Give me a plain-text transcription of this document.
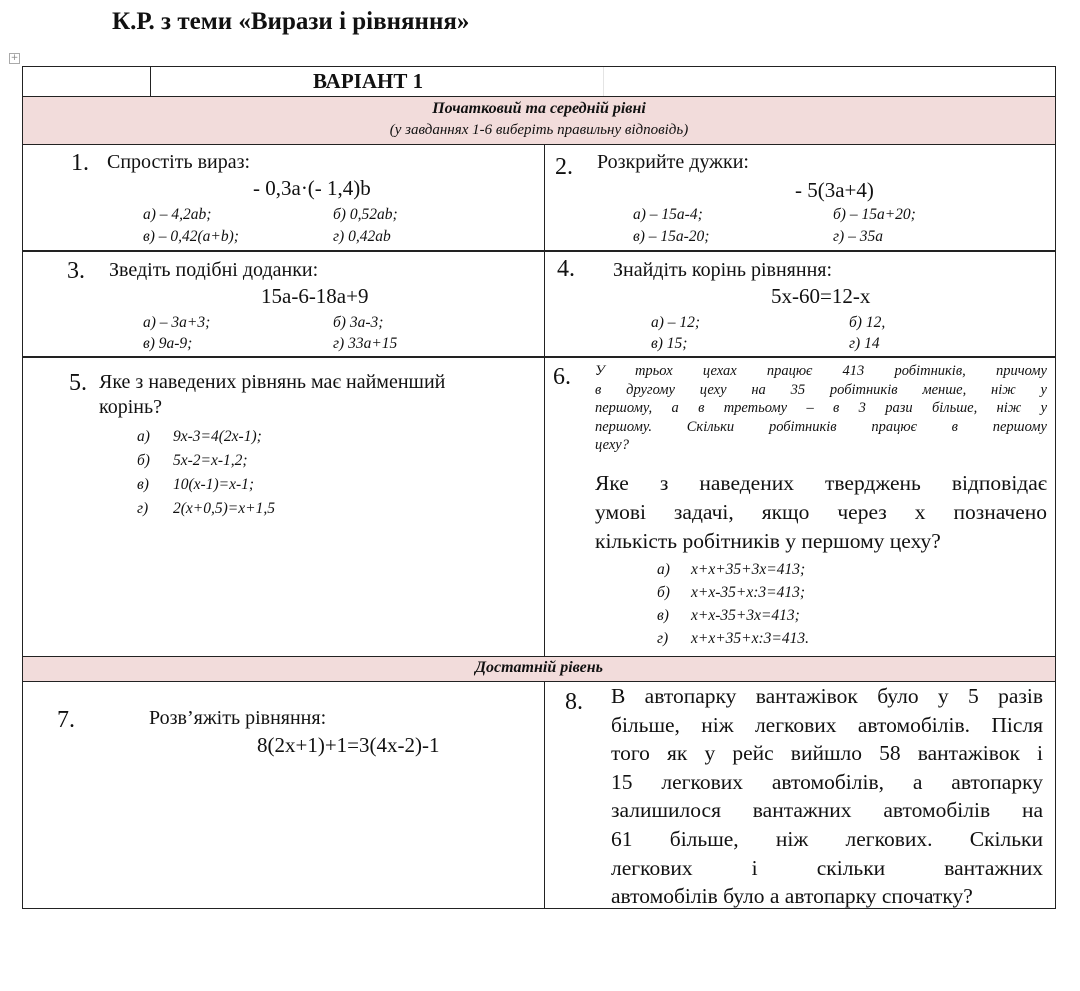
К.Р. з теми «Вирази і рівняння»
+
ВАРІАНТ 1
Початковий та середній рівні
(у завданнях 1-6 виберіть правильну відповідь)
1. Спростіть вираз:
- 0,3а·(- 1,4)b
а) – 4,2аb;	б) 0,52аb;
в) – 0,42(а+b);	г) 0,42аb
2. Розкрийте дужки:
- 5(3а+4)
а) – 15а-4;	б) – 15а+20;
в) – 15а-20;	г) – 35а
3. Зведіть подібні доданки:
15а-6-18а+9
а) – 3а+3;	б) 3а-3;
в) 9а-9;	г) 33а+15
4. Знайдіть корінь рівняння:
5х-60=12-х
а) – 12;	б) 12,
в) 15;	г) 14
5. Яке з наведених рівнянь має найменший
корінь?
а) 9х-3=4(2х-1);
б) 5х-2=х-1,2;
в) 10(х-1)=х-1;
г) 2(х+0,5)=х+1,5
6. У трьох цехах працює 413 робітників, причому
в другому цеху на 35 робітників менше, ніж у
першому, а в третьому – в 3 рази більше, ніж у
першому. Скільки робітників працює в першому
цеху?
Яке з наведених тверджень відповідає
умові задачі, якщо через х позначено
кількість робітників у першому цеху?
а) х+х+35+3х=413;
б) х+х-35+х:3=413;
в) х+х-35+3х=413;
г) х+х+35+х:3=413.
Достатній рівень
7.	Розв’яжіть рівняння:
8(2х+1)+1=3(4х-2)-1
8. В автопарку вантажівок було у 5 разів
більше, ніж легкових автомобілів. Після
того як у рейс вийшло 58 вантажівок і
15 легкових автомобілів, а автопарку
залишилося вантажних автомобілів на
61 більше, ніж легкових. Скільки
легкових і скільки вантажних
автомобілів було а автопарку спочатку?
